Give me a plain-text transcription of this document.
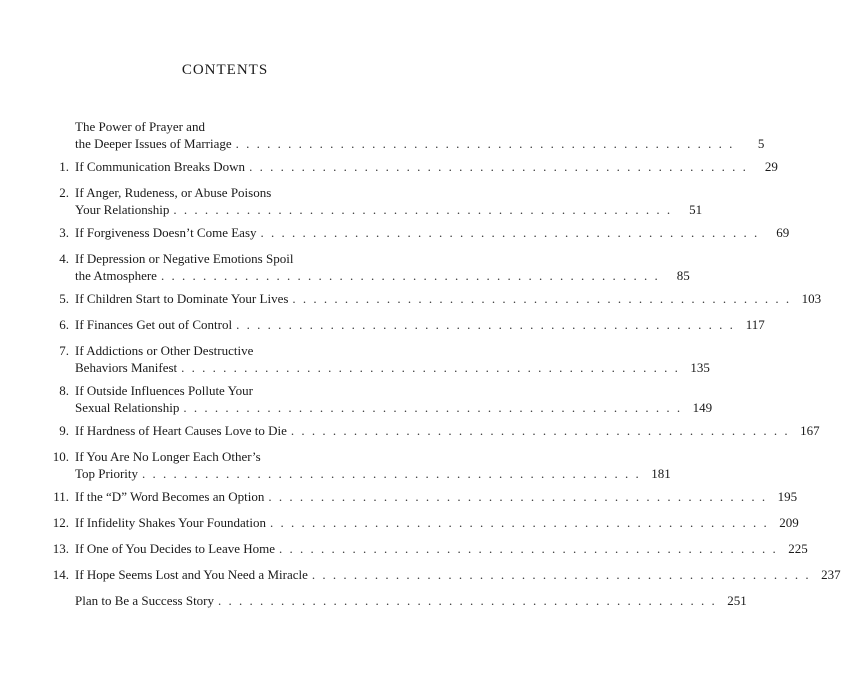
CONTENTS
The Power of Prayer and
the Deeper Issues of Marriage . . . . . . . . . . . . . . . . . . . . . . . . . . . . . . . . . . . . . . . . . . . . . . . .	5
1. If Communication Breaks Down . . . . . . . . . . . . . . . . . . . . . . . . . . . . . . . . . . . . . . . . . . . . . . . .	29
2. If Anger, Rudeness, or Abuse Poisons
Your Relationship . . . . . . . . . . . . . . . . . . . . . . . . . . . . . . . . . . . . . . . . . . . . . . . .	51
3. If Forgiveness Doesn’t Come Easy . . . . . . . . . . . . . . . . . . . . . . . . . . . . . . . . . . . . . . . . . . . . . . . .	69
4. If Depression or Negative Emotions Spoil
the Atmosphere . . . . . . . . . . . . . . . . . . . . . . . . . . . . . . . . . . . . . . . . . . . . . . . .	85
5. If Children Start to Dominate Your Lives . . . . . . . . . . . . . . . . . . . . . . . . . . . . . . . . . . . . . . . . . . . . . . . . 103
6. If Finances Get out of Control . . . . . . . . . . . . . . . . . . . . . . . . . . . . . . . . . . . . . . . . . . . . . . . . 117
7. If Addictions or Other Destructive
Behaviors Manifest . . . . . . . . . . . . . . . . . . . . . . . . . . . . . . . . . . . . . . . . . . . . . . . . 135
8. If Outside Influences Pollute Your
Sexual Relationship . . . . . . . . . . . . . . . . . . . . . . . . . . . . . . . . . . . . . . . . . . . . . . . . 149
9. If Hardness of Heart Causes Love to Die . . . . . . . . . . . . . . . . . . . . . . . . . . . . . . . . . . . . . . . . . . . . . . . . 167
10. If You Are No Longer Each Other’s
Top Priority . . . . . . . . . . . . . . . . . . . . . . . . . . . . . . . . . . . . . . . . . . . . . . . . 181
11. If the “D” Word Becomes an Option . . . . . . . . . . . . . . . . . . . . . . . . . . . . . . . . . . . . . . . . . . . . . . . . 195
12. If Infidelity Shakes Your Foundation . . . . . . . . . . . . . . . . . . . . . . . . . . . . . . . . . . . . . . . . . . . . . . . . 209
13. If One of You Decides to Leave Home . . . . . . . . . . . . . . . . . . . . . . . . . . . . . . . . . . . . . . . . . . . . . . . . 225
14. If Hope Seems Lost and You Need a Miracle . . . . . . . . . . . . . . . . . . . . . . . . . . . . . . . . . . . . . . . . . . . . . . . . 237
Plan to Be a Success Story . . . . . . . . . . . . . . . . . . . . . . . . . . . . . . . . . . . . . . . . . . . . . . . . 251
